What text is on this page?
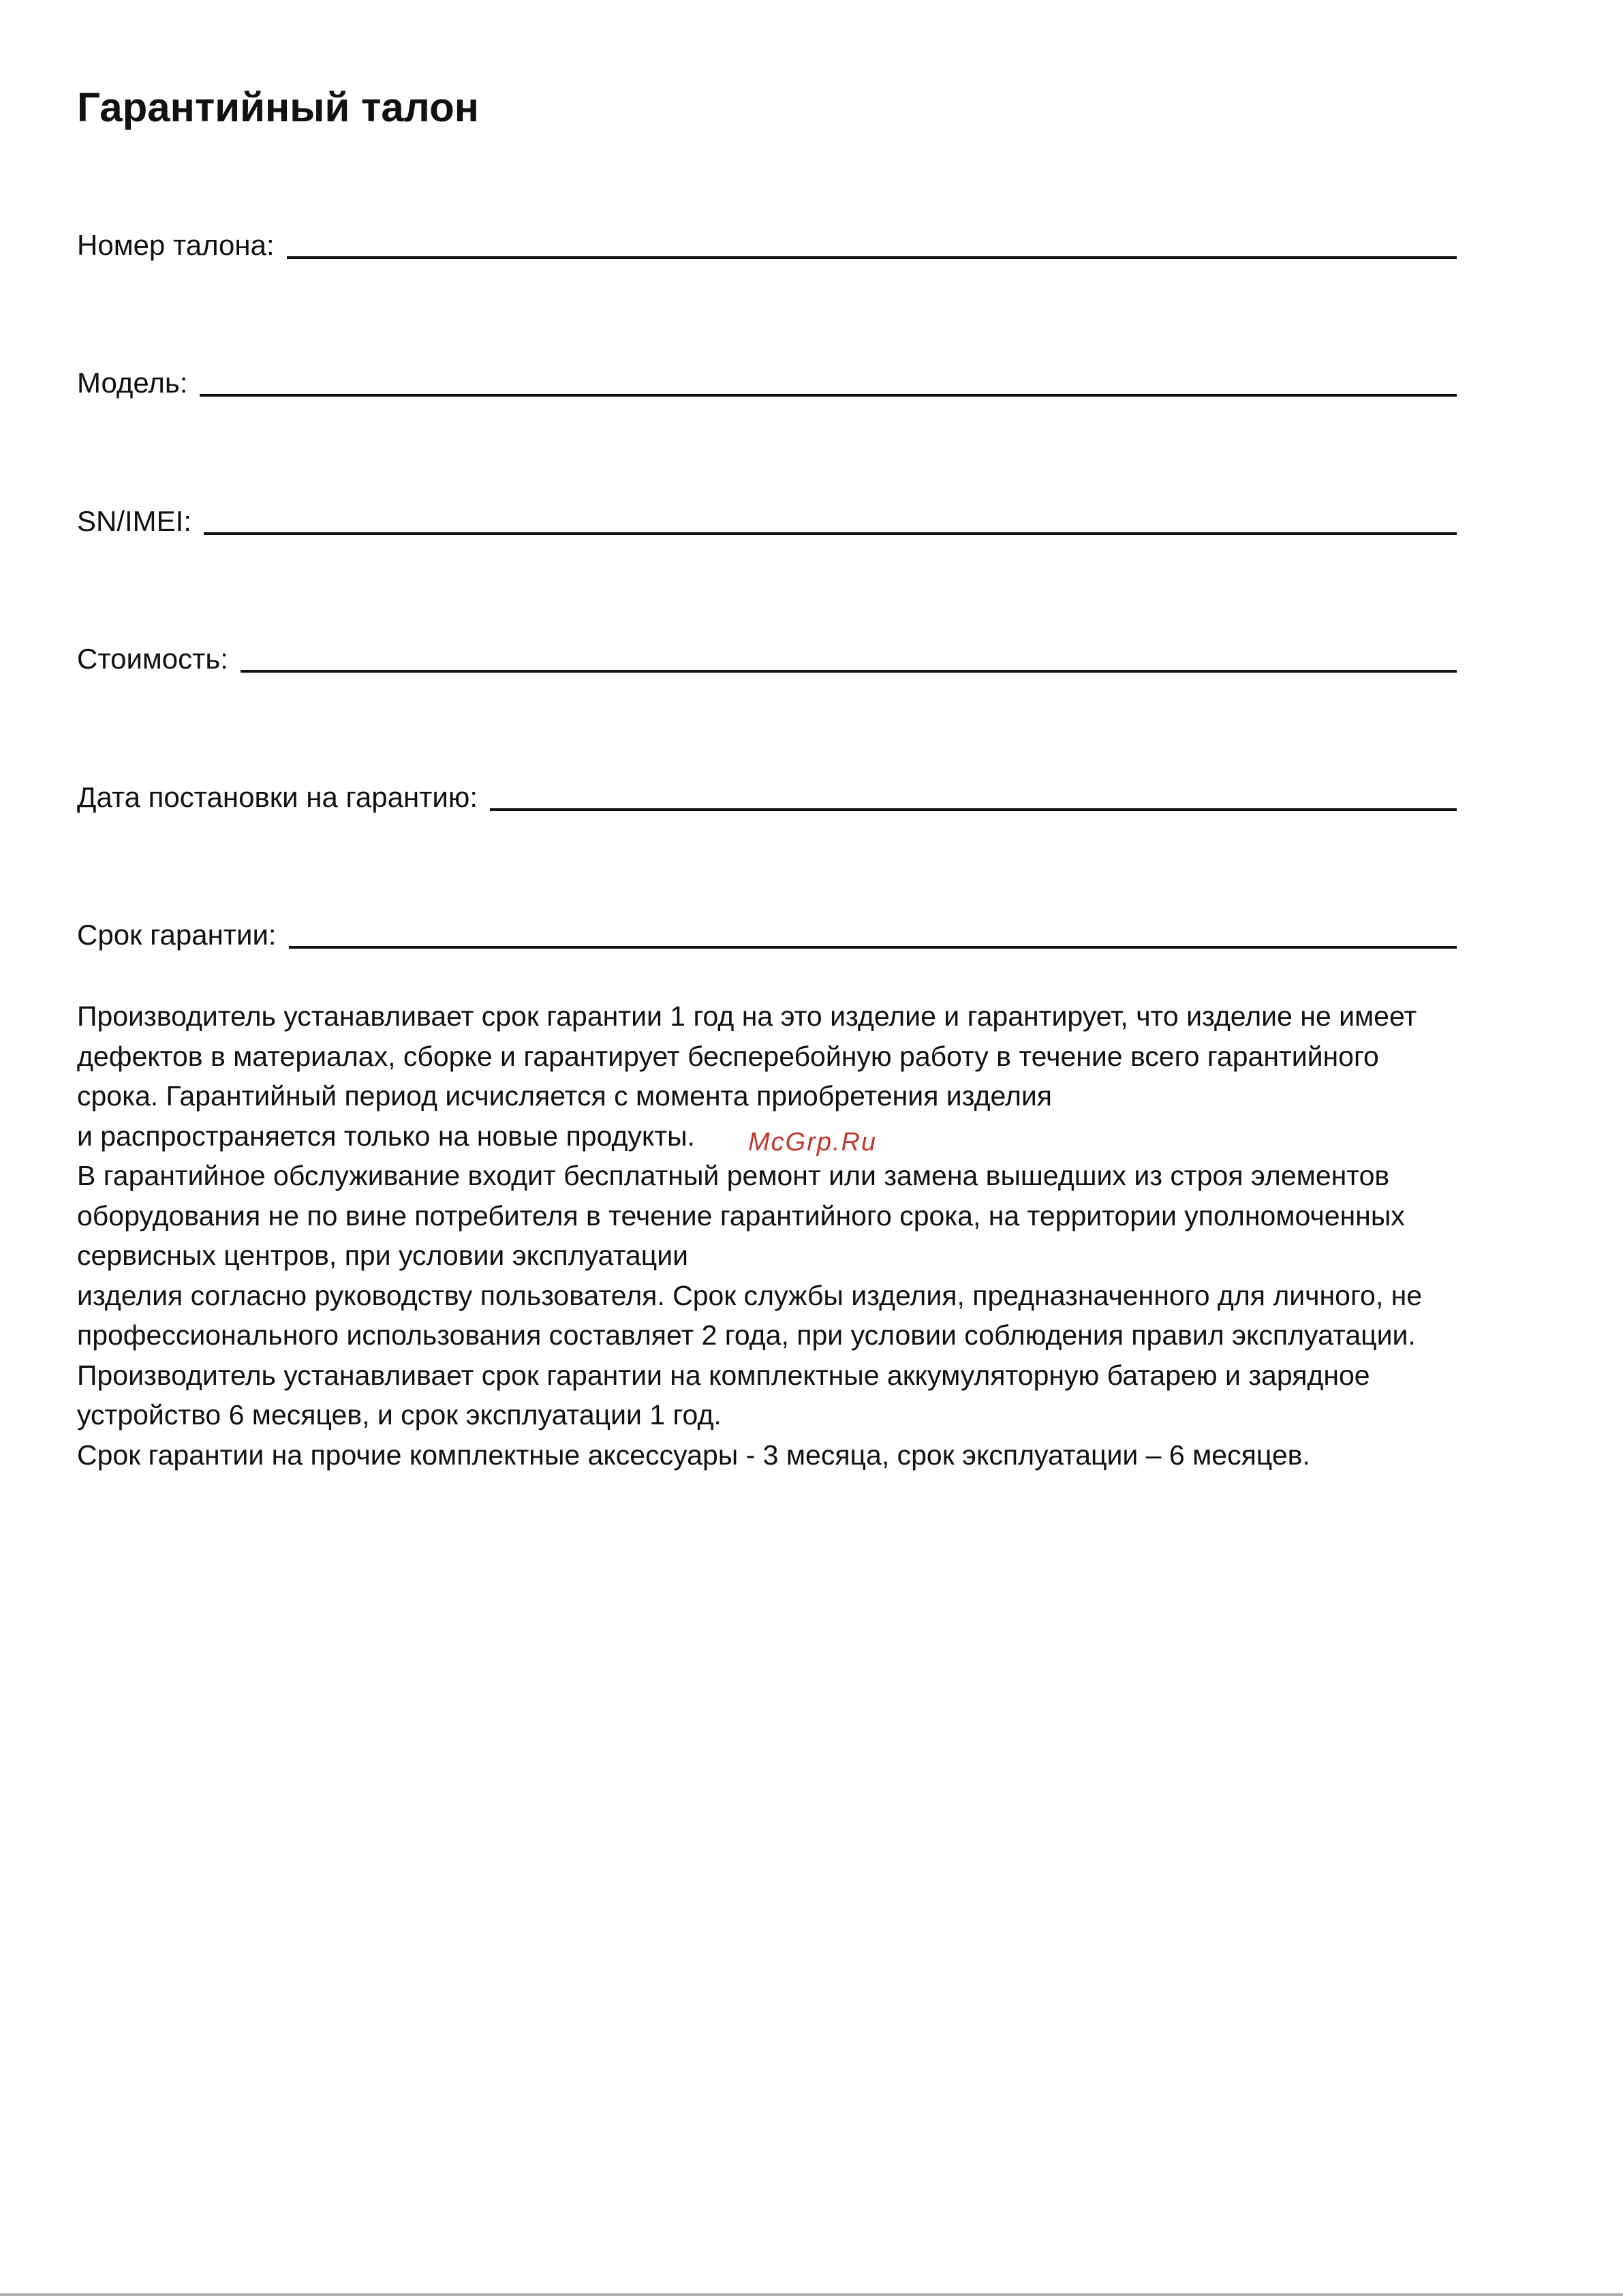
Гарантийный талон
Номер талона:
Модель:
SN/IMEI:
Стоимость:
Дата постановки на гарантию:
Срок гарантии:
Производитель устанавливает срок гарантии 1 год на это изделие и гарантирует, что изделие не имеет
дефектов в материалах, сборке и гарантирует бесперебойную работу в течение всего гарантийного
срока. Гарантийный период исчисляется с момента приобретения изделия
и распространяется только на новые продукты.
В гарантийное обслуживание входит бесплатный ремонт или замена вышедших из строя элементов
оборудования не по вине потребителя в течение гарантийного срока, на территории уполномоченных
сервисных центров, при условии эксплуатации
изделия согласно руководству пользователя. Срок службы изделия, предназначенного для личного, не
профессионального использования составляет 2 года, при условии соблюдения правил эксплуатации.
Производитель устанавливает срок гарантии на комплектные аккумуляторную батарею и зарядное
устройство 6 месяцев, и срок эксплуатации 1 год.
Срок гарантии на прочие комплектные аксессуары - 3 месяца, срок эксплуатации – 6 месяцев.
McGrp.Ru
